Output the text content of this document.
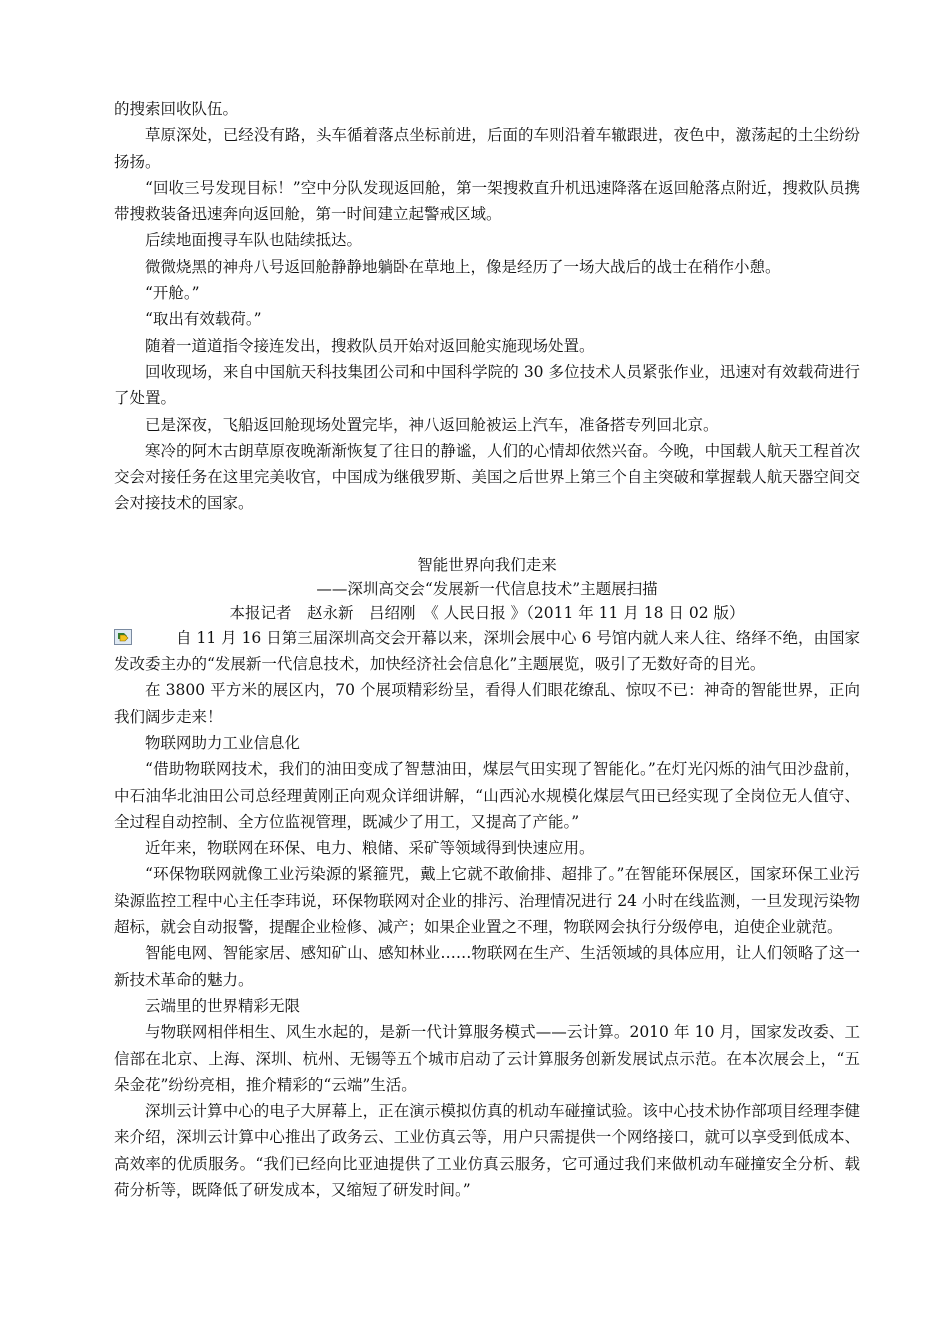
的搜索回收队伍。

草原深处，已经没有路，头车循着落点坐标前进，后面的车则沿着车辙跟进，夜色中，激荡起的土尘纷纷扬扬。

“回收三号发现目标！”空中分队发现返回舱，第一架搜救直升机迅速降落在返回舱落点附近，搜救队员携带搜救装备迅速奔向返回舱，第一时间建立起警戒区域。

后续地面搜寻车队也陆续抵达。

微微烧黑的神舟八号返回舱静静地躺卧在草地上，像是经历了一场大战后的战士在稍作小憩。

“开舱。”

“取出有效载荷。”

随着一道道指令接连发出，搜救队员开始对返回舱实施现场处置。

回收现场，来自中国航天科技集团公司和中国科学院的 30 多位技术人员紧张作业，迅速对有效载荷进行了处置。

已是深夜，飞船返回舱现场处置完毕，神八返回舱被运上汽车，准备搭专列回北京。

寒冷的阿木古朗草原夜晚渐渐恢复了往日的静谧，人们的心情却依然兴奋。今晚，中国载人航天工程首次交会对接任务在这里完美收官，中国成为继俄罗斯、美国之后世界上第三个自主突破和掌握载人航天器空间交会对接技术的国家。

智能世界向我们走来

——深圳高交会“发展新一代信息技术”主题展扫描

本报记者　赵永新　吕绍刚　《 人民日报 》（2011 年 11 月 18 日 02 版）

自 11 月 16 日第三届深圳高交会开幕以来，深圳会展中心 6 号馆内就人来人往、络绎不绝，由国家发改委主办的“发展新一代信息技术，加快经济社会信息化”主题展览，吸引了无数好奇的目光。

在 3800 平方米的展区内，70 个展项精彩纷呈，看得人们眼花缭乱、惊叹不已：神奇的智能世界，正向我们阔步走来！

物联网助力工业信息化

“借助物联网技术，我们的油田变成了智慧油田，煤层气田实现了智能化。”在灯光闪烁的油气田沙盘前，中石油华北油田公司总经理黄刚正向观众详细讲解，“山西沁水规模化煤层气田已经实现了全岗位无人值守、全过程自动控制、全方位监视管理，既减少了用工，又提高了产能。”

近年来，物联网在环保、电力、粮储、采矿等领域得到快速应用。

“环保物联网就像工业污染源的紧箍咒，戴上它就不敢偷排、超排了。”在智能环保展区，国家环保工业污染源监控工程中心主任李玮说，环保物联网对企业的排污、治理情况进行 24 小时在线监测，一旦发现污染物超标，就会自动报警，提醒企业检修、减产；如果企业置之不理，物联网会执行分级停电，迫使企业就范。

智能电网、智能家居、感知矿山、感知林业……物联网在生产、生活领域的具体应用，让人们领略了这一新技术革命的魅力。

云端里的世界精彩无限

与物联网相伴相生、风生水起的，是新一代计算服务模式——云计算。2010 年 10 月，国家发改委、工信部在北京、上海、深圳、杭州、无锡等五个城市启动了云计算服务创新发展试点示范。在本次展会上，“五朵金花”纷纷亮相，推介精彩的“云端”生活。

深圳云计算中心的电子大屏幕上，正在演示模拟仿真的机动车碰撞试验。该中心技术协作部项目经理李健来介绍，深圳云计算中心推出了政务云、工业仿真云等，用户只需提供一个网络接口，就可以享受到低成本、高效率的优质服务。“我们已经向比亚迪提供了工业仿真云服务，它可通过我们来做机动车碰撞安全分析、载荷分析等，既降低了研发成本，又缩短了研发时间。”
